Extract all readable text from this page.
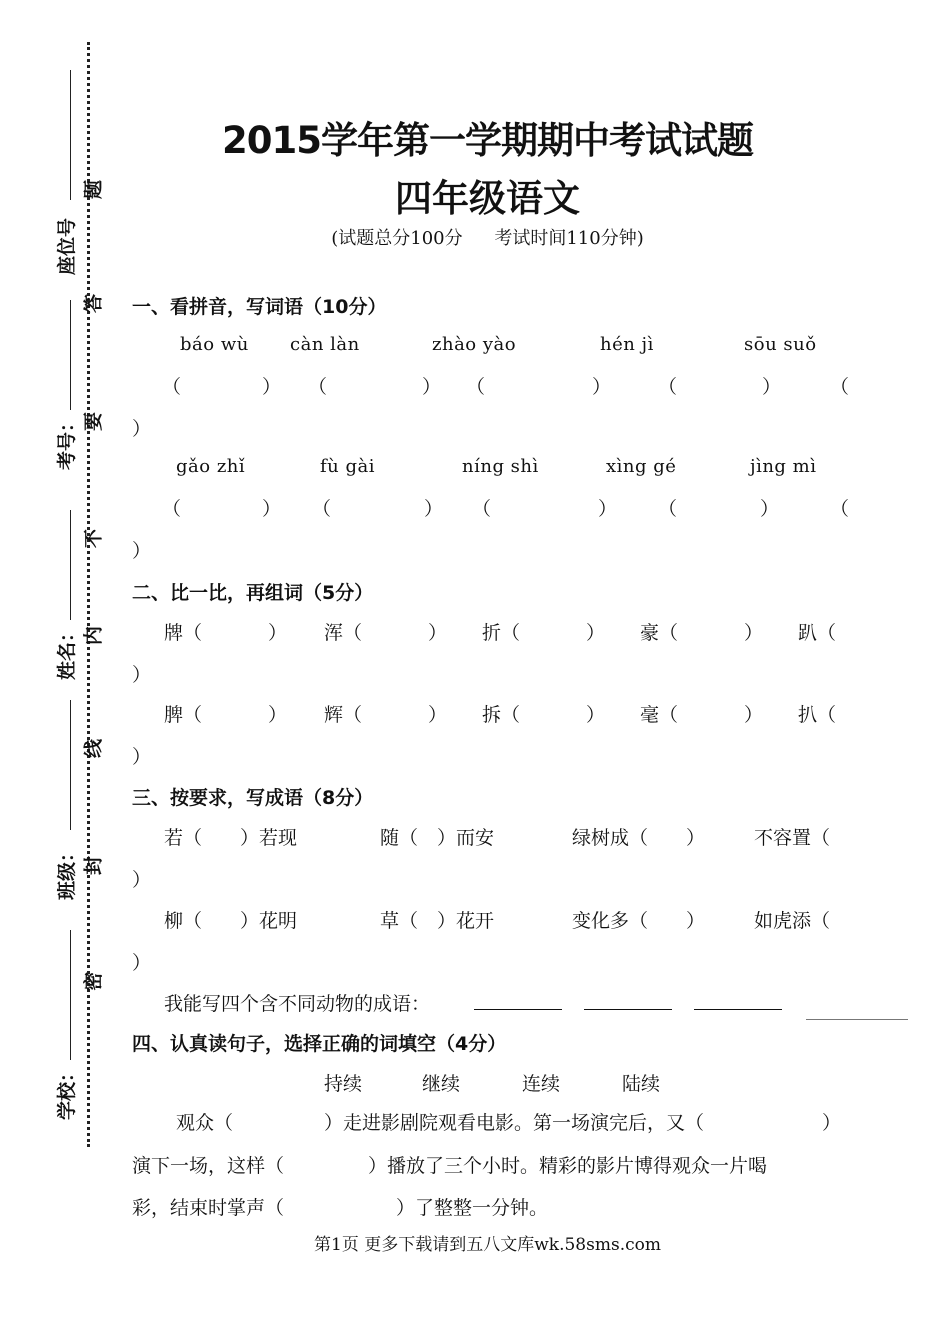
座位号
考号：
姓名：
班级：
学校：
题
答
要
不
内
线
封
密
2015学年第一学期期中考试试题
四年级语文
(试题总分100分 考试时间110分钟)
一、看拼音，写词语（10分）
báo wù càn làn	zhào yào	hén jì	sōu suǒ
（	） （	） （	） （	）	（
）
gǎo zhǐ	fù gài	níng shì	xìng gé	jìng mì
（	） （	） （	） （	）	（
）
二、比一比，再组词（5分）
牌（	） 浑（	） 折（	） 豪（	） 趴（
）
脾（	） 辉（	） 拆（	） 毫（	） 扒（
）
三、按要求，写成语（8分）
若（　　）若现	随（　）而安	绿树成（　　）	不容置（
）
柳（　　）花明	草（　）花开	变化多（　　）	如虎添（
）
我能写四个含不同动物的成语：
四、认真读句子，选择正确的词填空（4分）
持续	继续	连续	陆续
观众（	）走进影剧院观看电影。第一场演完后，又（	）
演下一场，这样（	）播放了三个小时。精彩的影片博得观众一片喝
彩，结束时掌声（	）了整整一分钟。
第1页 更多下载请到五八文库wk.58sms.com
